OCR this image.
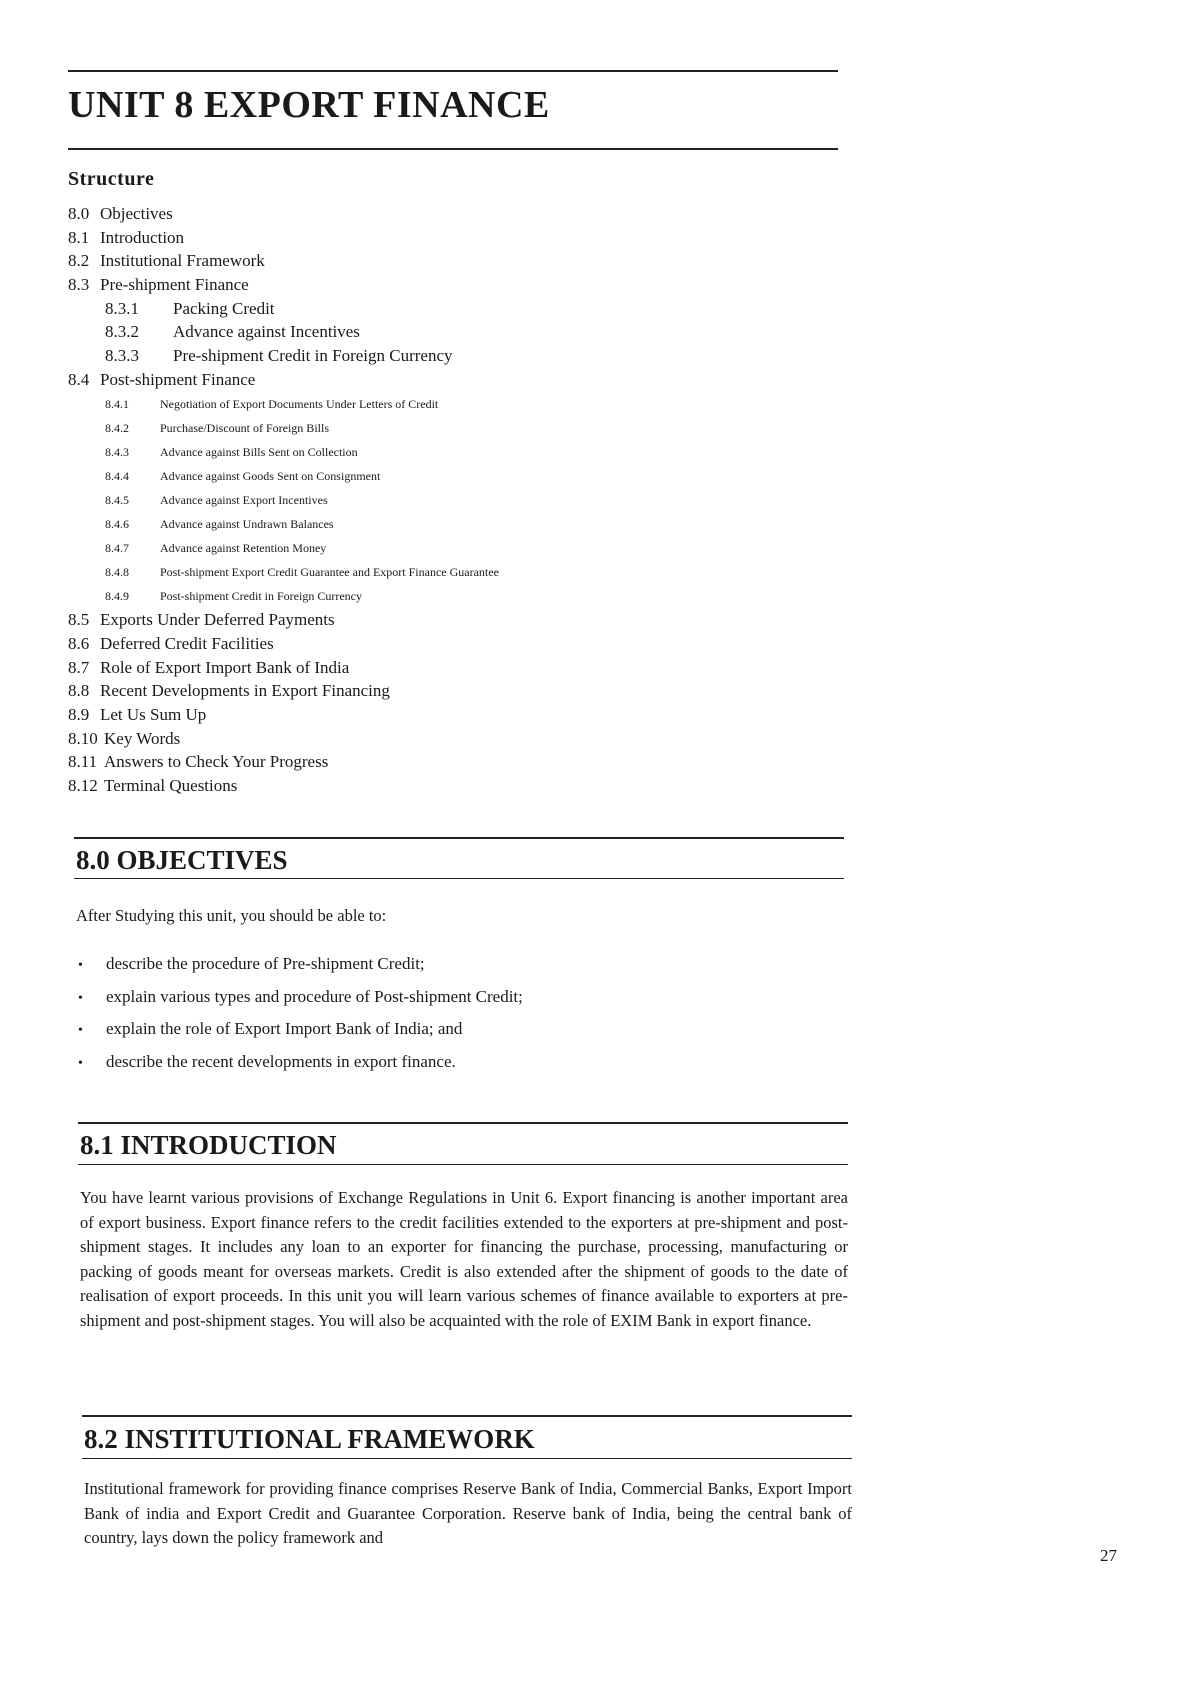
UNIT 8 EXPORT FINANCE
Structure
8.0 Objectives
8.1 Introduction
8.2 Institutional Framework
8.3 Pre-shipment Finance
8.3.1 Packing Credit
8.3.2 Advance against Incentives
8.3.3 Pre-shipment Credit in Foreign Currency
8.4 Post-shipment Finance
8.4.1	Negotiation of Export Documents Under Letters of Credit
8.4.2	Purchase/Discount of Foreign Bills
8.4.3	Advance against Bills Sent on Collection
8.4.4	Advance against Goods Sent on Consignment
8.4.5	Advance against Export Incentives
8.4.6	Advance against Undrawn Balances
8.4.7	Advance against Retention Money
8.4.8	Post-shipment Export Credit Guarantee and Export Finance Guarantee
8.4.9	Post-shipment Credit in Foreign Currency
8.5 Exports Under Deferred Payments
8.6 Deferred Credit Facilities
8.7 Role of Export Import Bank of India
8.8 Recent Developments in Export Financing
8.9 Let Us Sum Up
8.10 Key Words
8.11 Answers to Check Your Progress
8.12 Terminal Questions
8.0 OBJECTIVES

After Studying this unit, you should be able to:

• describe the procedure of Pre-shipment Credit;
• explain various types and procedure of Post-shipment Credit;
• explain the role of Export Import Bank of India; and
• describe the recent developments in export finance.
8.1 INTRODUCTION

You have learnt various provisions of Exchange Regulations in Unit 6. Export financing is another important area of export business. Export finance refers to the credit facilities extended to the exporters at pre-shipment and post-shipment stages. It includes any loan to an exporter for financing the purchase, processing, manufacturing or packing of goods meant for overseas markets. Credit is also extended after the shipment of goods to the date of realisation of export proceeds. In this unit you will learn various schemes of finance available to exporters at pre-shipment and post-shipment stages. You will also be acquainted with the role of EXIM Bank in export finance.

8.2 INSTITUTIONAL FRAMEWORK

Institutional framework for providing finance comprises Reserve Bank of India, Commercial Banks, Export Import Bank of india and Export Credit and Guarantee Corporation. Reserve bank of India, being the central bank of country, lays down the policy framework and

27
